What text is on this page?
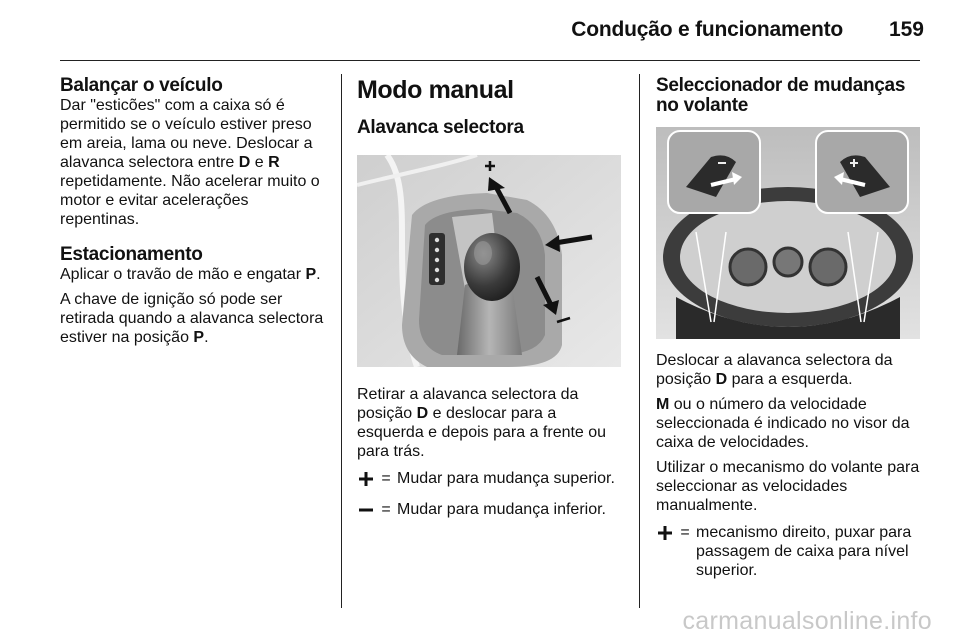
Condução e funcionamento	159
Balançar o veículo

Dar "esticões" com a caixa só é permitido se o veículo estiver preso em areia, lama ou neve. Deslocar a alavanca selectora entre D e R repetidamente. Não acelerar muito o motor e evitar acelerações repentinas.

Estacionamento

Aplicar o travão de mão e engatar P.

A chave de ignição só pode ser retirada quando a alavanca selectora estiver na posição P.

Modo manual
Alavanca selectora

Retirar a alavanca selectora da posição D e deslocar para a esquerda e depois para a frente ou para trás.

= Mudar para mudança superior.
= Mudar para mudança inferior.
Seleccionador de mudanças no volante

Deslocar a alavanca selectora da posição D para a esquerda.

M ou o número da velocidade seleccionada é indicado no visor da caixa de velocidades.

Utilizar o mecanismo do volante para seleccionar as velocidades manualmente.

= mecanismo direito, puxar para passagem de caixa para nível superior.
carmanualsonline.info
